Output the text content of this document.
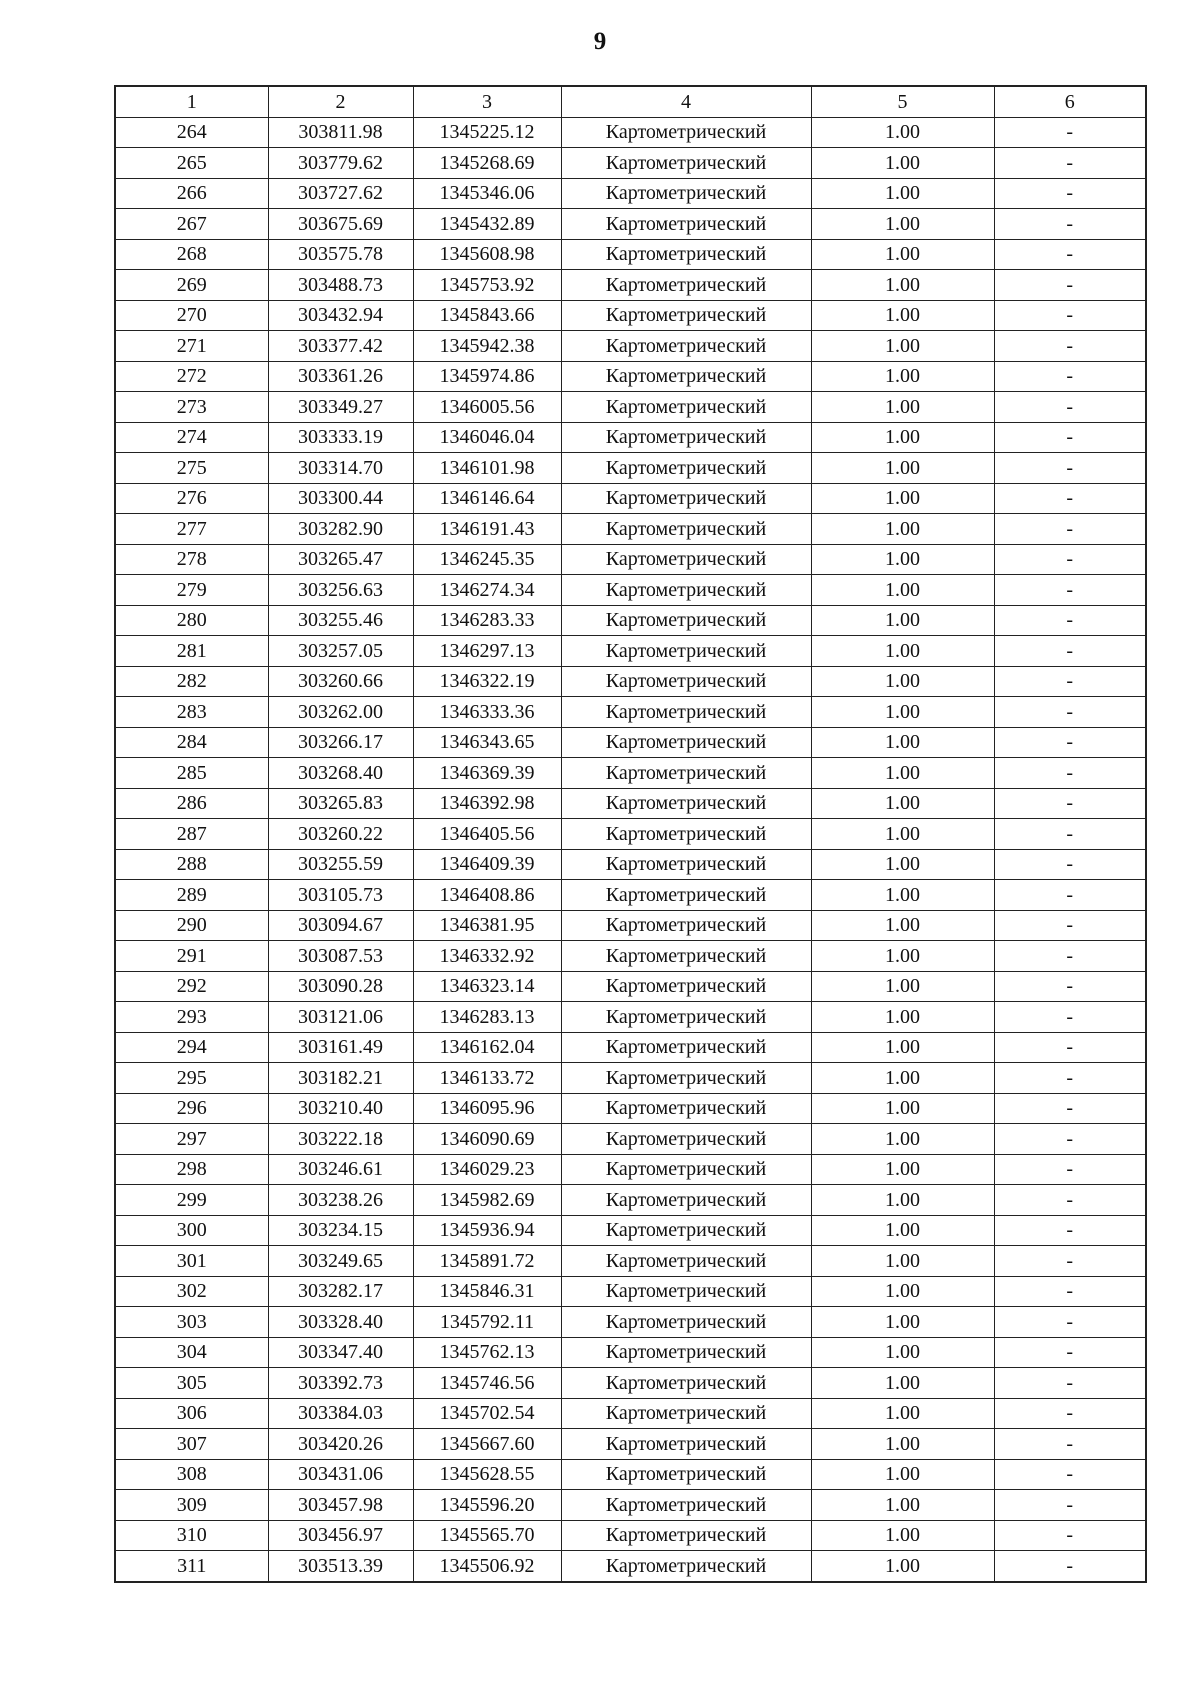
9
1	2	3	4	5	6
264	303811.98	1345225.12	Картометрический	1.00	-
265	303779.62	1345268.69	Картометрический	1.00	-
266	303727.62	1345346.06	Картометрический	1.00	-
267	303675.69	1345432.89	Картометрический	1.00	-
268	303575.78	1345608.98	Картометрический	1.00	-
269	303488.73	1345753.92	Картометрический	1.00	-
270	303432.94	1345843.66	Картометрический	1.00	-
271	303377.42	1345942.38	Картометрический	1.00	-
272	303361.26	1345974.86	Картометрический	1.00	-
273	303349.27	1346005.56	Картометрический	1.00	-
274	303333.19	1346046.04	Картометрический	1.00	-
275	303314.70	1346101.98	Картометрический	1.00	-
276	303300.44	1346146.64	Картометрический	1.00	-
277	303282.90	1346191.43	Картометрический	1.00	-
278	303265.47	1346245.35	Картометрический	1.00	-
279	303256.63	1346274.34	Картометрический	1.00	-
280	303255.46	1346283.33	Картометрический	1.00	-
281	303257.05	1346297.13	Картометрический	1.00	-
282	303260.66	1346322.19	Картометрический	1.00	-
283	303262.00	1346333.36	Картометрический	1.00	-
284	303266.17	1346343.65	Картометрический	1.00	-
285	303268.40	1346369.39	Картометрический	1.00	-
286	303265.83	1346392.98	Картометрический	1.00	-
287	303260.22	1346405.56	Картометрический	1.00	-
288	303255.59	1346409.39	Картометрический	1.00	-
289	303105.73	1346408.86	Картометрический	1.00	-
290	303094.67	1346381.95	Картометрический	1.00	-
291	303087.53	1346332.92	Картометрический	1.00	-
292	303090.28	1346323.14	Картометрический	1.00	-
293	303121.06	1346283.13	Картометрический	1.00	-
294	303161.49	1346162.04	Картометрический	1.00	-
295	303182.21	1346133.72	Картометрический	1.00	-
296	303210.40	1346095.96	Картометрический	1.00	-
297	303222.18	1346090.69	Картометрический	1.00	-
298	303246.61	1346029.23	Картометрический	1.00	-
299	303238.26	1345982.69	Картометрический	1.00	-
300	303234.15	1345936.94	Картометрический	1.00	-
301	303249.65	1345891.72	Картометрический	1.00	-
302	303282.17	1345846.31	Картометрический	1.00	-
303	303328.40	1345792.11	Картометрический	1.00	-
304	303347.40	1345762.13	Картометрический	1.00	-
305	303392.73	1345746.56	Картометрический	1.00	-
306	303384.03	1345702.54	Картометрический	1.00	-
307	303420.26	1345667.60	Картометрический	1.00	-
308	303431.06	1345628.55	Картометрический	1.00	-
309	303457.98	1345596.20	Картометрический	1.00	-
310	303456.97	1345565.70	Картометрический	1.00	-
311	303513.39	1345506.92	Картометрический	1.00	-
